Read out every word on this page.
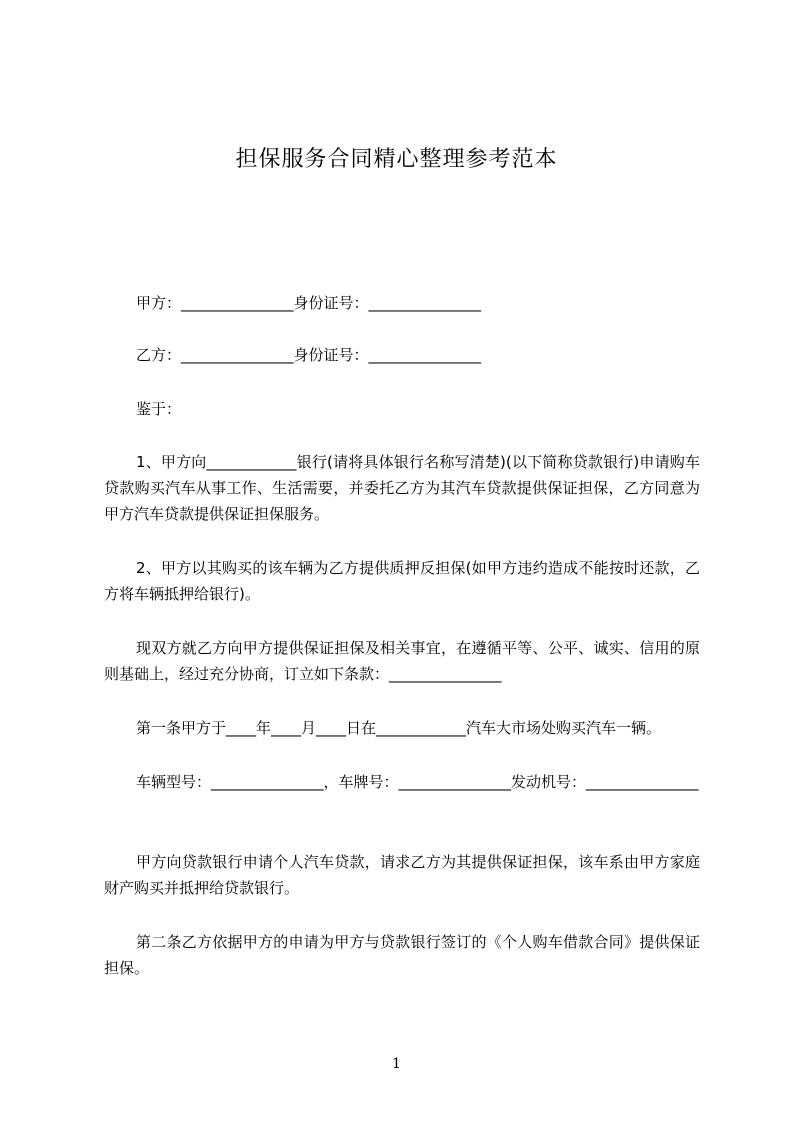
担保服务合同精心整理参考范本

甲方：_______________身份证号：_______________

乙方：_______________身份证号：_______________

鉴于：

1、甲方向____________银行(请将具体银行名称写清楚)(以下简称贷款银行)申请购车贷款购买汽车从事工作、生活需要，并委托乙方为其汽车贷款提供保证担保，乙方同意为甲方汽车贷款提供保证担保服务。

2、甲方以其购买的该车辆为乙方提供质押反担保(如甲方违约造成不能按时还款，乙方将车辆抵押给银行)。

现双方就乙方向甲方提供保证担保及相关事宜，在遵循平等、公平、诚实、信用的原则基础上，经过充分协商，订立如下条款：_______________

第一条甲方于____年____月____日在____________汽车大市场处购买汽车一辆。

车辆型号：_______________，车牌号：_______________发动机号：_______________

甲方向贷款银行申请个人汽车贷款，请求乙方为其提供保证担保，该车系由甲方家庭财产购买并抵押给贷款银行。

第二条乙方依据甲方的申请为甲方与贷款银行签订的《个人购车借款合同》提供保证担保。

1
